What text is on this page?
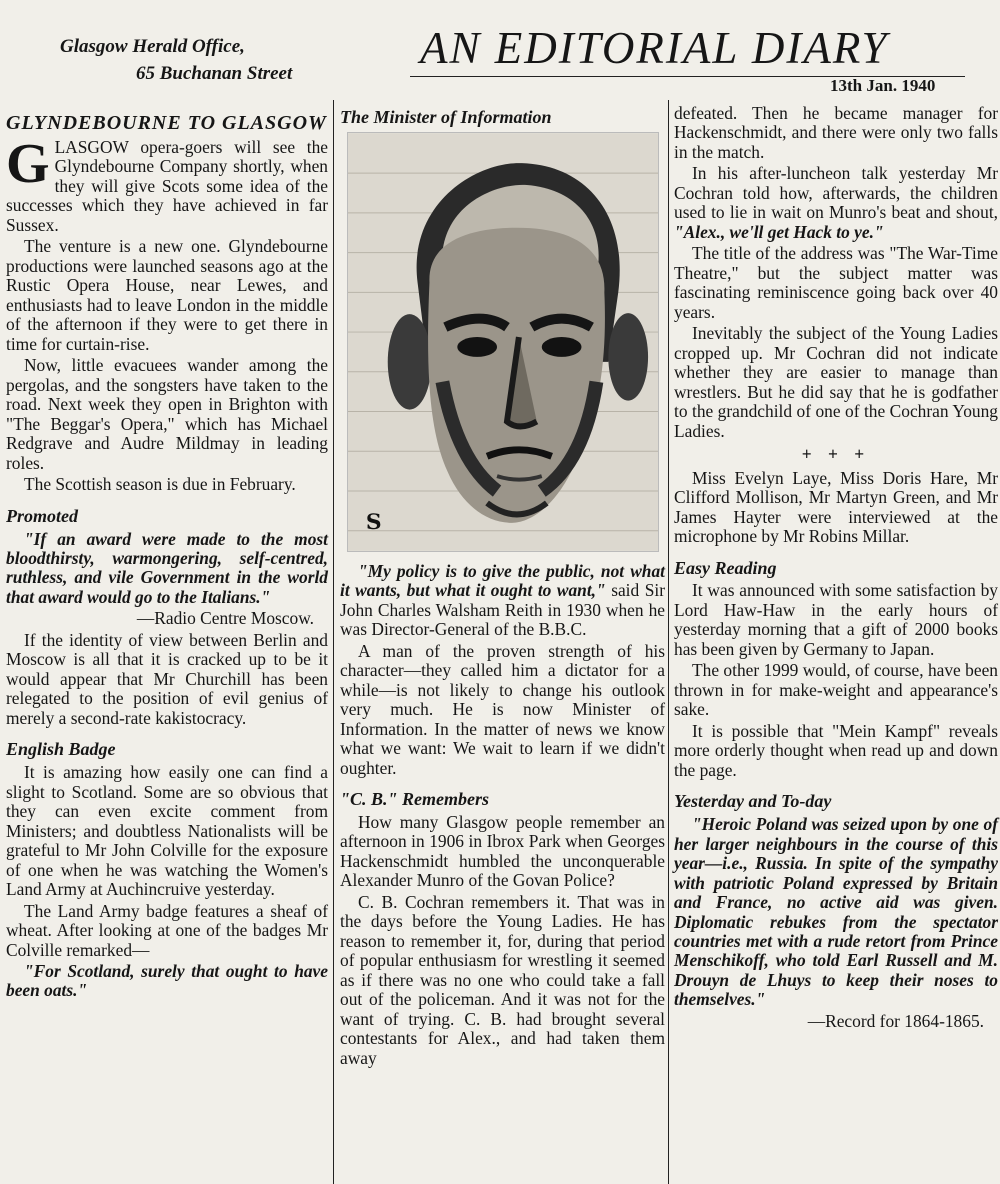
Glasgow Herald Office,
65 Buchanan Street
AN EDITORIAL DIARY
13th Jan. 1940
GLYNDEBOURNE TO GLASGOW

GLASGOW opera-goers will see the Glyndebourne Company shortly, when they will give Scots some idea of the successes which they have achieved in far Sussex.

The venture is a new one. Glyndebourne productions were launched seasons ago at the Rustic Opera House, near Lewes, and enthusiasts had to leave London in the middle of the afternoon if they were to get there in time for curtain-rise.

Now, little evacuees wander among the pergolas, and the songsters have taken to the road. Next week they open in Brighton with "The Beggar's Opera," which has Michael Redgrave and Audre Mildmay in leading roles.

The Scottish season is due in February.

Promoted

"If an award were made to the most bloodthirsty, warmongering, self-centred, ruthless, and vile Government in the world that award would go to the Italians."

—Radio Centre Moscow.

If the identity of view between Berlin and Moscow is all that it is cracked up to be it would appear that Mr Churchill has been relegated to the position of evil genius of merely a second-rate kakistocracy.

English Badge

It is amazing how easily one can find a slight to Scotland. Some are so obvious that they can even excite comment from Ministers; and doubtless Nationalists will be grateful to Mr John Colville for the exposure of one when he was watching the Women's Land Army at Auchincruive yesterday.

The Land Army badge features a sheaf of wheat. After looking at one of the badges Mr Colville remarked—

"For Scotland, surely that ought to have been oats."

The Minister of Information
S

"My policy is to give the public, not what it wants, but what it ought to want," said Sir John Charles Walsham Reith in 1930 when he was Director-General of the B.B.C.

A man of the proven strength of his character—they called him a dictator for a while—is not likely to change his outlook very much. He is now Minister of Information. In the matter of news we know what we want: We wait to learn if we didn't oughter.

"C. B." Remembers

How many Glasgow people remember an afternoon in 1906 in Ibrox Park when Georges Hackenschmidt humbled the unconquerable Alexander Munro of the Govan Police?

C. B. Cochran remembers it. That was in the days before the Young Ladies. He has reason to remember it, for, during that period of popular enthusiasm for wrestling it seemed as if there was no one who could take a fall out of the policeman. And it was not for the want of trying. C. B. had brought several contestants for Alex., and had taken them away

defeated. Then he became manager for Hackenschmidt, and there were only two falls in the match.

In his after-luncheon talk yesterday Mr Cochran told how, afterwards, the children used to lie in wait on Munro's beat and shout, "Alex., we'll get Hack to ye."

The title of the address was "The War-Time Theatre," but the subject matter was fascinating reminiscence going back over 40 years.

Inevitably the subject of the Young Ladies cropped up. Mr Cochran did not indicate whether they are easier to manage than wrestlers. But he did say that he is godfather to the grandchild of one of the Cochran Young Ladies.

+ + +

Miss Evelyn Laye, Miss Doris Hare, Mr Clifford Mollison, Mr Martyn Green, and Mr James Hayter were interviewed at the microphone by Mr Robins Millar.

Easy Reading

It was announced with some satisfaction by Lord Haw-Haw in the early hours of yesterday morning that a gift of 2000 books has been given by Germany to Japan.

The other 1999 would, of course, have been thrown in for make-weight and appearance's sake.

It is possible that "Mein Kampf" reveals more orderly thought when read up and down the page.

Yesterday and To-day

"Heroic Poland was seized upon by one of her larger neighbours in the course of this year—i.e., Russia. In spite of the sympathy with patriotic Poland expressed by Britain and France, no active aid was given. Diplomatic rebukes from the spectator countries met with a rude retort from Prince Menschikoff, who told Earl Russell and M. Drouyn de Lhuys to keep their noses to themselves."

—Record for 1864-1865.
